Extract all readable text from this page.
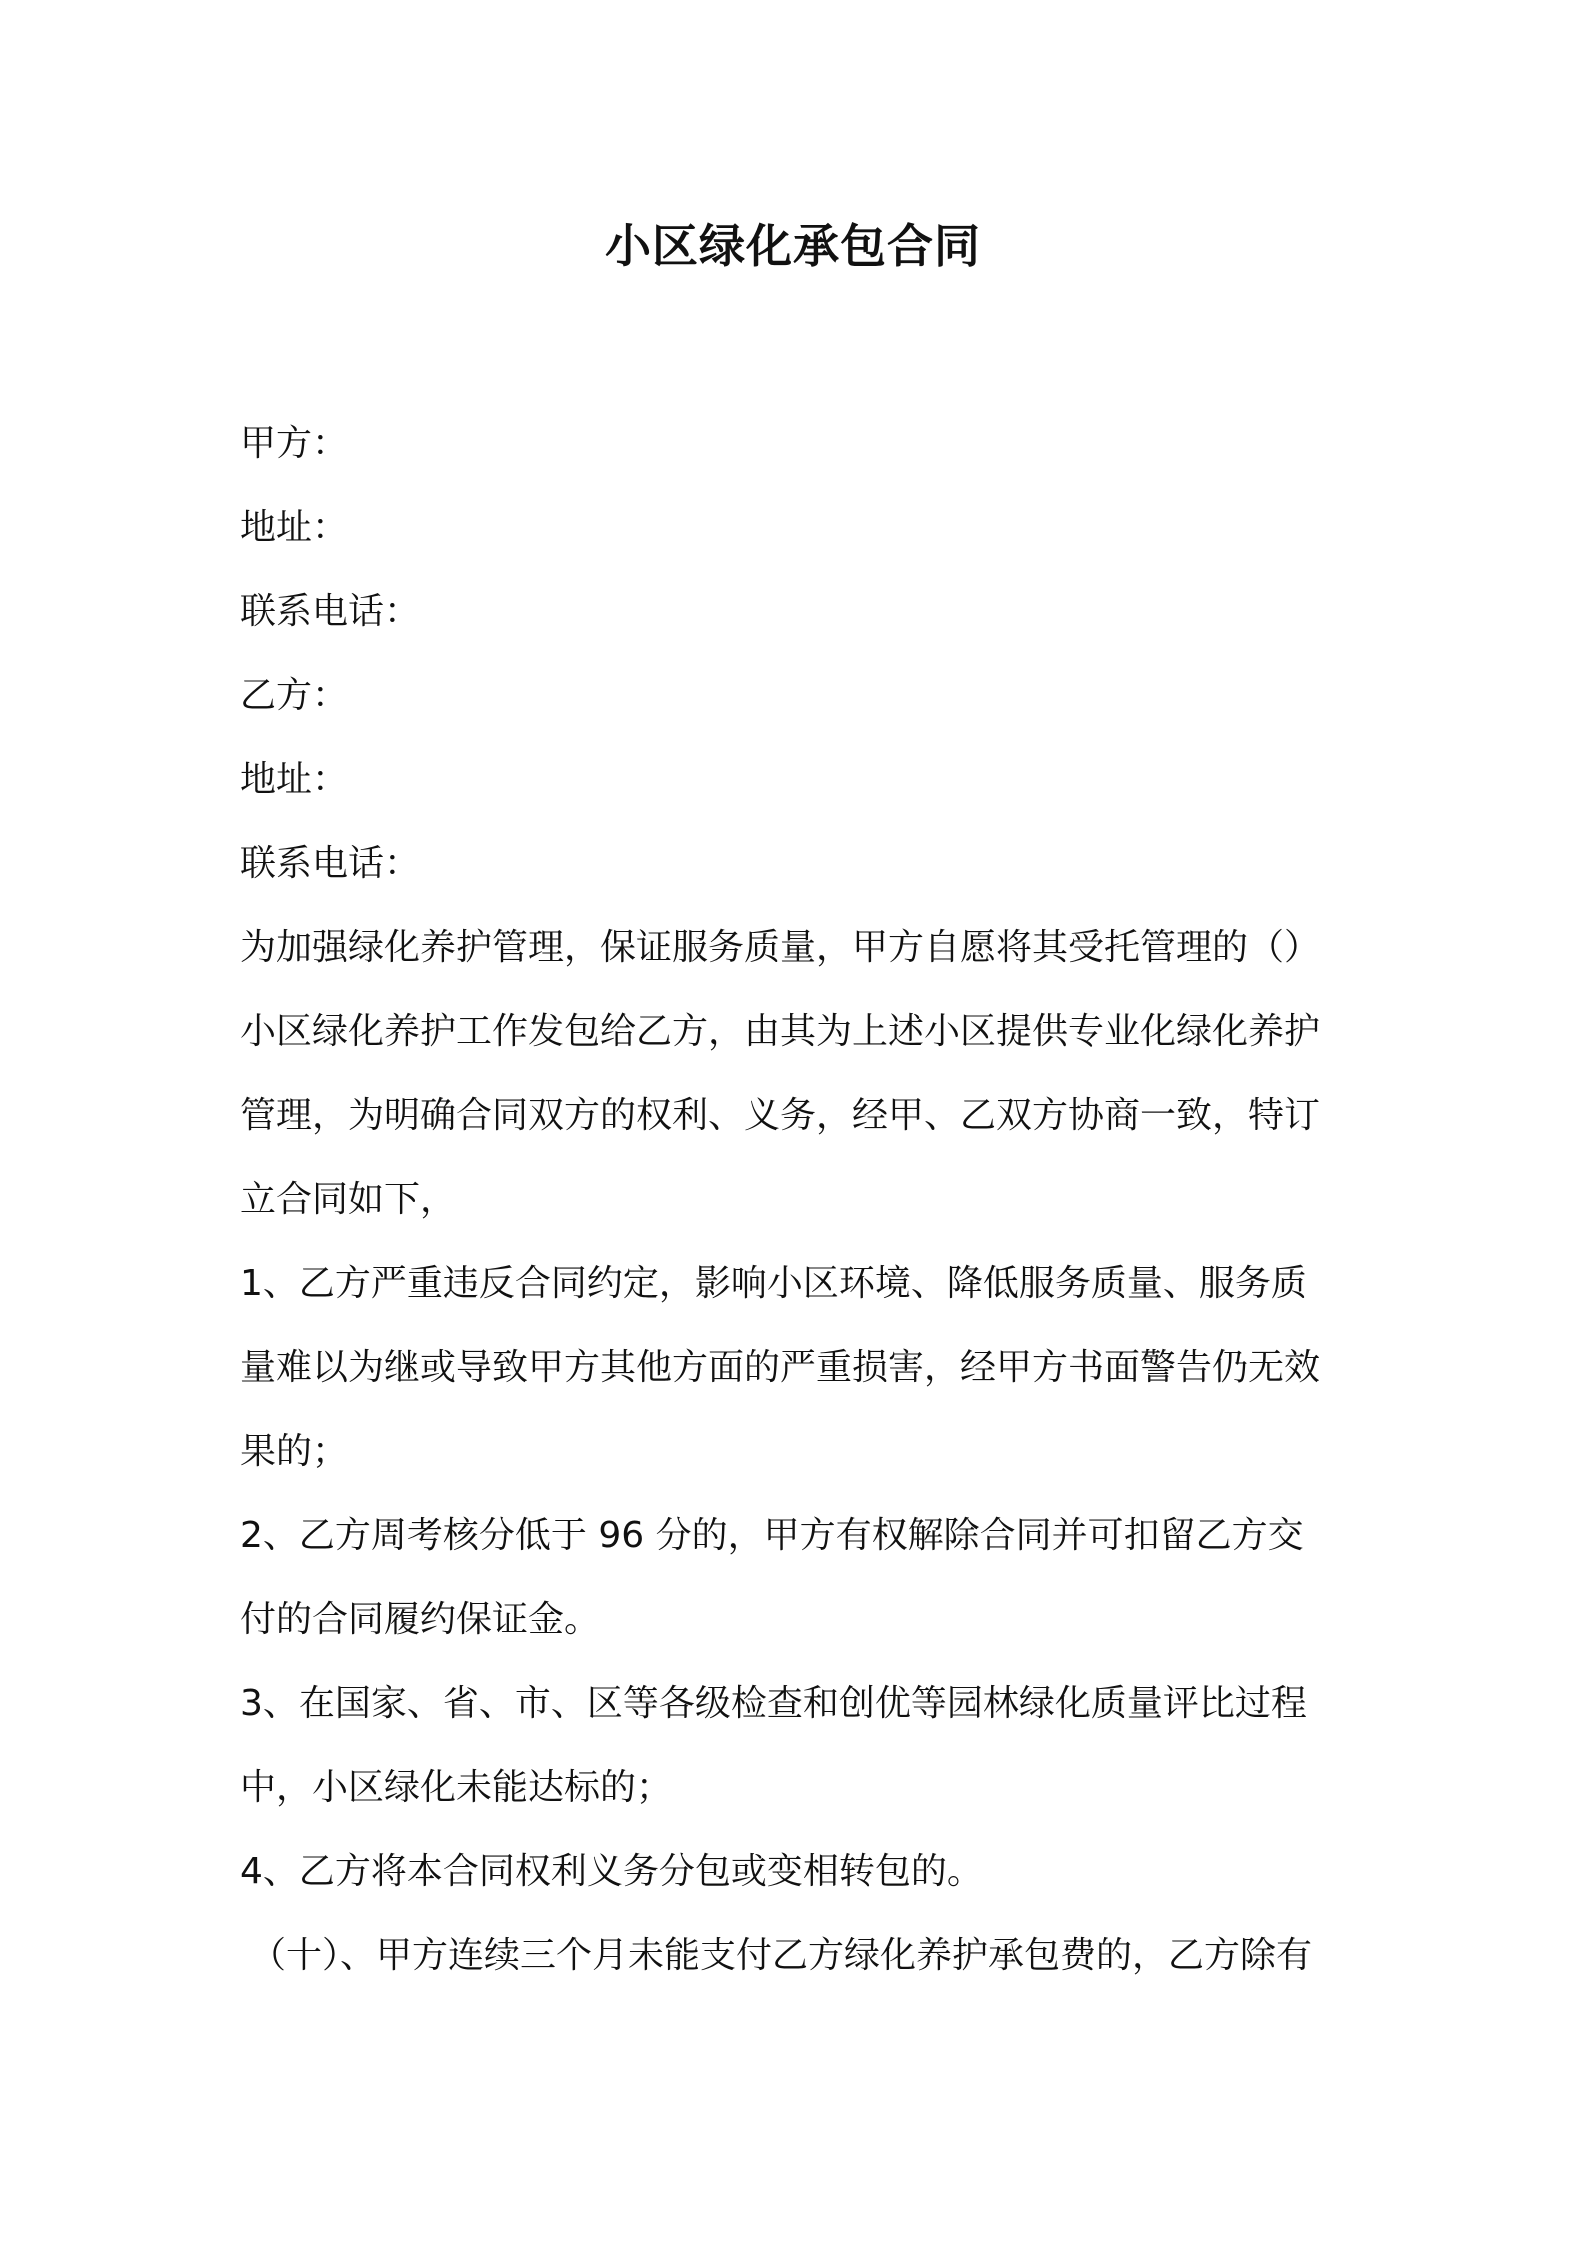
小区绿化承包合同

甲方：

地址：

联系电话：

乙方：

地址：

联系电话：

为加强绿化养护管理，保证服务质量，甲方自愿将其受托管理的（）

小区绿化养护工作发包给乙方，由其为上述小区提供专业化绿化养护

管理，为明确合同双方的权利、义务，经甲、乙双方协商一致，特订

立合同如下，

1、乙方严重违反合同约定，影响小区环境、降低服务质量、服务质

量难以为继或导致甲方其他方面的严重损害，经甲方书面警告仍无效

果的；

2、乙方周考核分低于 96 分的，甲方有权解除合同并可扣留乙方交

付的合同履约保证金。

3、在国家、省、市、区等各级检查和创优等园林绿化质量评比过程

中，小区绿化未能达标的；

4、乙方将本合同权利义务分包或变相转包的。

（十）、甲方连续三个月未能支付乙方绿化养护承包费的，乙方除有
